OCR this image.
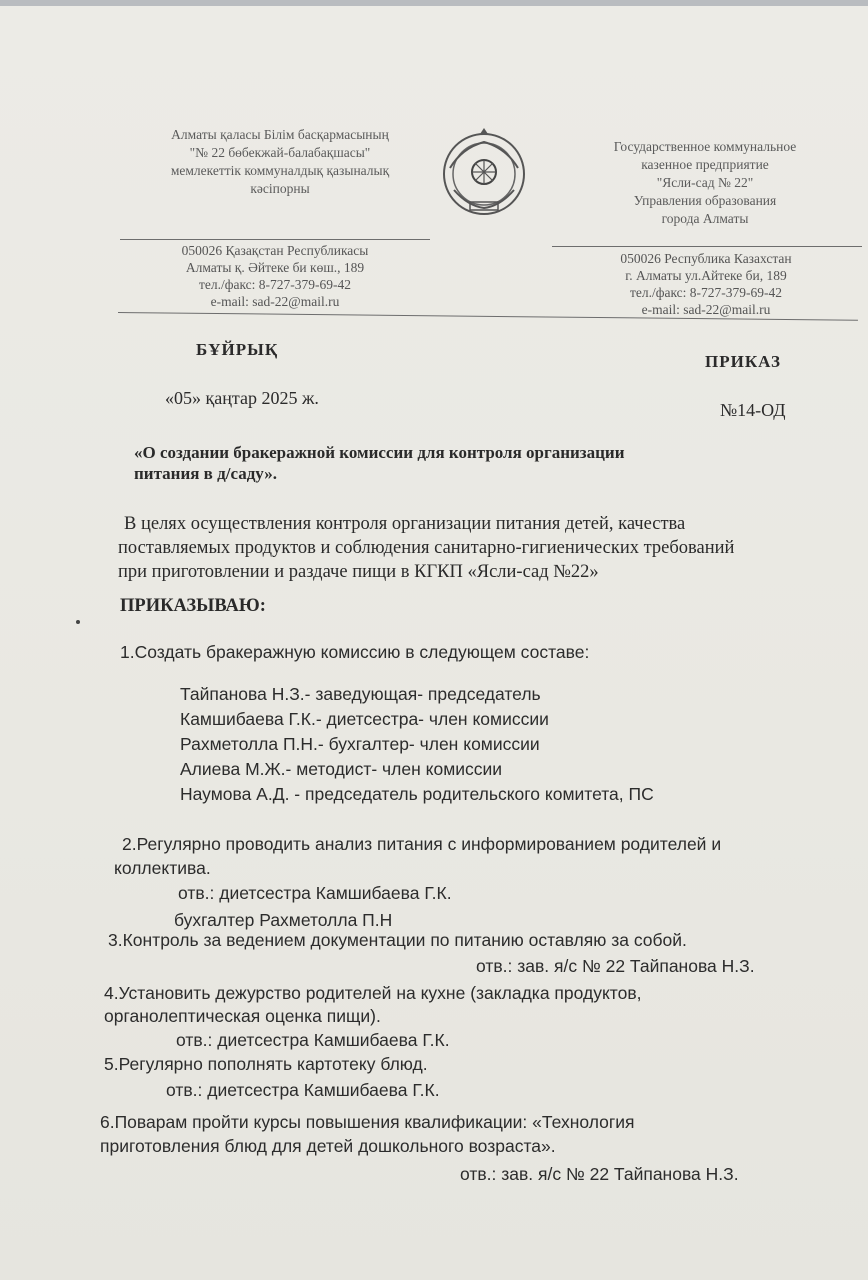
Алматы қаласы Білім басқармасының
"№ 22 бөбекжай-балабақшасы"
мемлекеттік коммуналдық қазыналық
кәсіпорны
Государственное коммунальное
казенное предприятие
"Ясли-сад № 22"
Управления образования
города Алматы
050026 Қазақстан Республикасы
Алматы қ. Әйтеке би көш., 189
тел./факс: 8-727-379-69-42
e-mail: sad-22@mail.ru
050026 Республика Казахстан
г. Алматы ул.Айтеке би, 189
тел./факс: 8-727-379-69-42
e-mail: sad-22@mail.ru
БҰЙРЫҚ
ПРИКАЗ
«05» қаңтар 2025 ж.
№14-ОД
«О создании бракеражной комиссии для контроля организации
питания в д/саду».
В целях осуществления контроля организации питания детей, качества
поставляемых продуктов и соблюдения санитарно-гигиенических требований
при приготовлении и раздаче пищи в КГКП «Ясли-сад №22»
ПРИКАЗЫВАЮ:
1.Создать бракеражную комиссию в следующем составе:
Тайпанова Н.З.- заведующая- председатель
Камшибаева Г.К.- диетсестра- член комиссии
Рахметолла П.Н.- бухгалтер- член комиссии
Алиева М.Ж.- методист- член комиссии
Наумова А.Д. - председатель родительского комитета, ПС
2.Регулярно проводить анализ питания с информированием родителей и
коллектива.
отв.: диетсестра Камшибаева Г.К.
бухгалтер Рахметолла П.Н
3.Контроль за ведением документации по питанию оставляю за собой.
отв.: зав. я/с № 22 Тайпанова Н.З.
4.Установить дежурство родителей на кухне (закладка продуктов,
органолептическая оценка пищи).
отв.: диетсестра Камшибаева Г.К.
5.Регулярно пополнять картотеку блюд.
отв.: диетсестра Камшибаева Г.К.
6.Поварам пройти курсы повышения квалификации: «Технология
приготовления блюд для детей дошкольного возраста».
отв.: зав. я/с № 22 Тайпанова Н.З.
